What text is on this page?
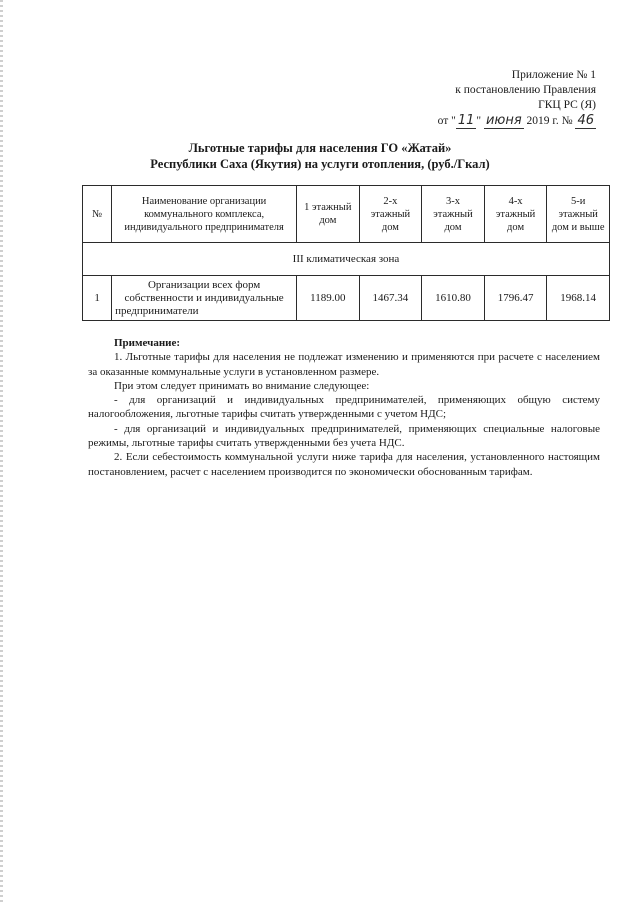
Приложение № 1
к постановлению Правления
ГКЦ РС (Я)
от " 11 " июня 2019 г. № 46
Льготные тарифы для населения ГО «Жатай»
Республики Саха (Якутия) на услуги отопления, (руб./Гкал)
№	Наименование организации коммунального комплекса, индивидуального предпринимателя	1 этажный дом	2-х этажный дом	3-х этажный дом	4-х этажный дом	5-и этажный дом и выше
III климатическая зона						
1	Организации всех форм собственности и индивидуальные предприниматели	1189.00	1467.34	1610.80	1796.47	1968.14

Примечание:

1. Льготные тарифы для населения не подлежат изменению и применяются при расчете с населением за оказанные коммунальные услуги в установленном размере.

При этом следует принимать во внимание следующее:

- для организаций и индивидуальных предпринимателей, применяющих общую систему налогообложения, льготные тарифы считать утвержденными с учетом НДС;

- для организаций и индивидуальных предпринимателей, применяющих специальные налоговые режимы, льготные тарифы считать утвержденными без учета НДС.

2. Если себестоимость коммунальной услуги ниже тарифа для населения, установленного настоящим постановлением, расчет с населением производится по экономически обоснованным тарифам.
